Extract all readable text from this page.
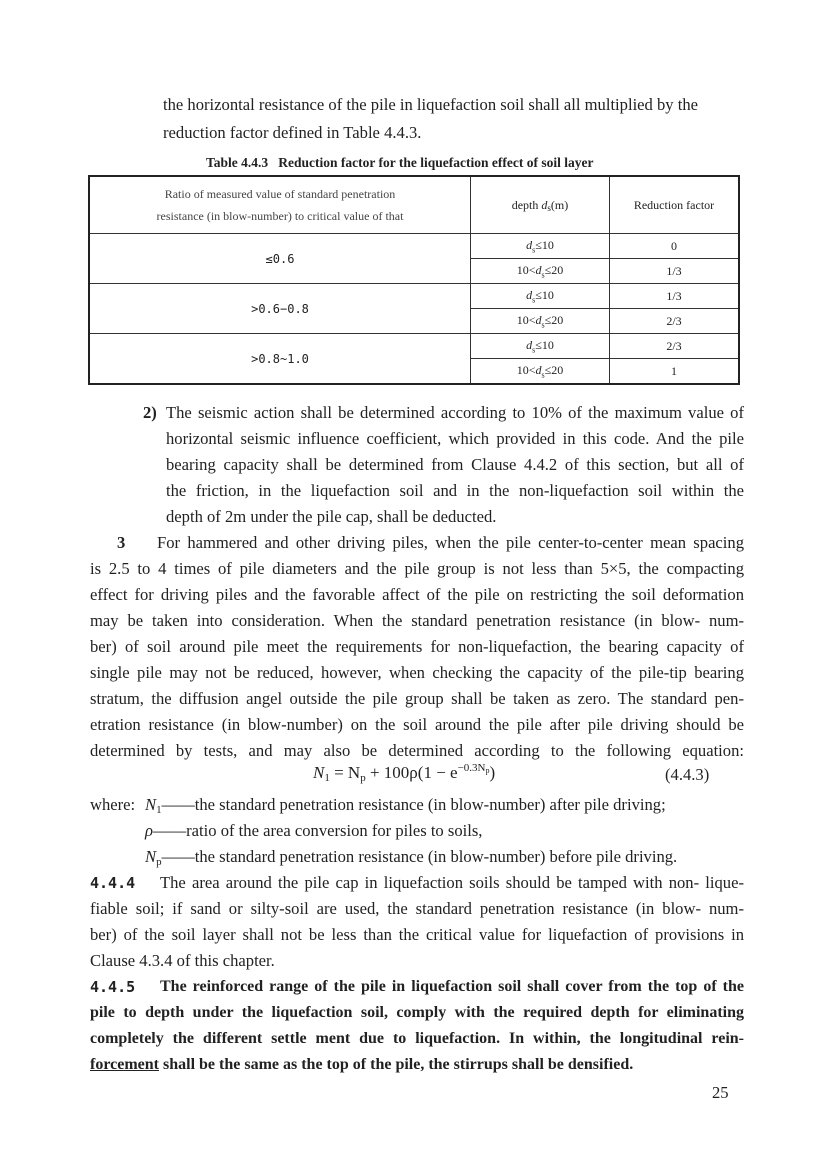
the horizontal resistance of the pile in liquefaction soil shall all multiplied by the
reduction factor defined in Table 4.4.3.
Table 4.4.3   Reduction factor for the liquefaction effect of soil layer
Ratio of measured value of standard penetration
resistance (in blow-number) to critical value of that	depth ds(m)	Reduction factor
≤0.6	$d_s\le 10$	0
	$10<d_s\le 20$	1/3
>0.6−0.8	$d_s\le 10$	1/3
	$10<d_s\le 20$	2/3
>0.8~1.0	$d_s\le 10$	2/3
	$10<d_s\le 20$	1
2) The seismic action shall be determined according to 10% of the maximum value of
horizontal seismic influence coefficient, which provided in this code. And the pile
bearing capacity shall be determined from Clause 4.4.2 of this section, but all of
the friction, in the liquefaction soil and in the non-liquefaction soil within the
depth of 2m under the pile cap, shall be deducted.
3 For hammered and other driving piles, when the pile center-to-center mean spacing
is 2.5 to 4 times of pile diameters and the pile group is not less than 5×5, the compacting
effect for driving piles and the favorable affect of the pile on restricting the soil deformation
may be taken into consideration. When the standard penetration resistance (in blow- num-
ber) of soil around pile meet the requirements for non-liquefaction, the bearing capacity of
single pile may not be reduced, however, when checking the capacity of the pile-tip bearing
stratum, the diffusion angel outside the pile group shall be taken as zero. The standard pen-
etration resistance (in blow-number) on the soil around the pile after pile driving should be
determined by tests, and may also be determined according to the following equation:
$N_1 = N_p + 100\rho(1 - e^{-0.3Np})$	(4.4.3)
where: $N_1——the$ standard penetration resistance (in blow-number) after pile driving;
ρ——ratio of the area conversion for piles to soils,
$N_p——the$ standard penetration resistance (in blow-number) before pile driving.
4.4.4 The area around the pile cap in liquefaction soils should be tamped with non- lique-
fiable soil; if sand or silty-soil are used, the standard penetration resistance (in blow- num-
ber) of the soil layer shall not be less than the critical value for liquefaction of provisions in
Clause 4.3.4 of this chapter.
4.4.5 The reinforced range of the pile in liquefaction soil shall cover from the top of the
pile to depth under the liquefaction soil, comply with the required depth for eliminating
completely the different settle ment due to liquefaction. In within, the longitudinal rein-
forcement shall be the same as the top of the pile, the stirrups shall be densified.
25
